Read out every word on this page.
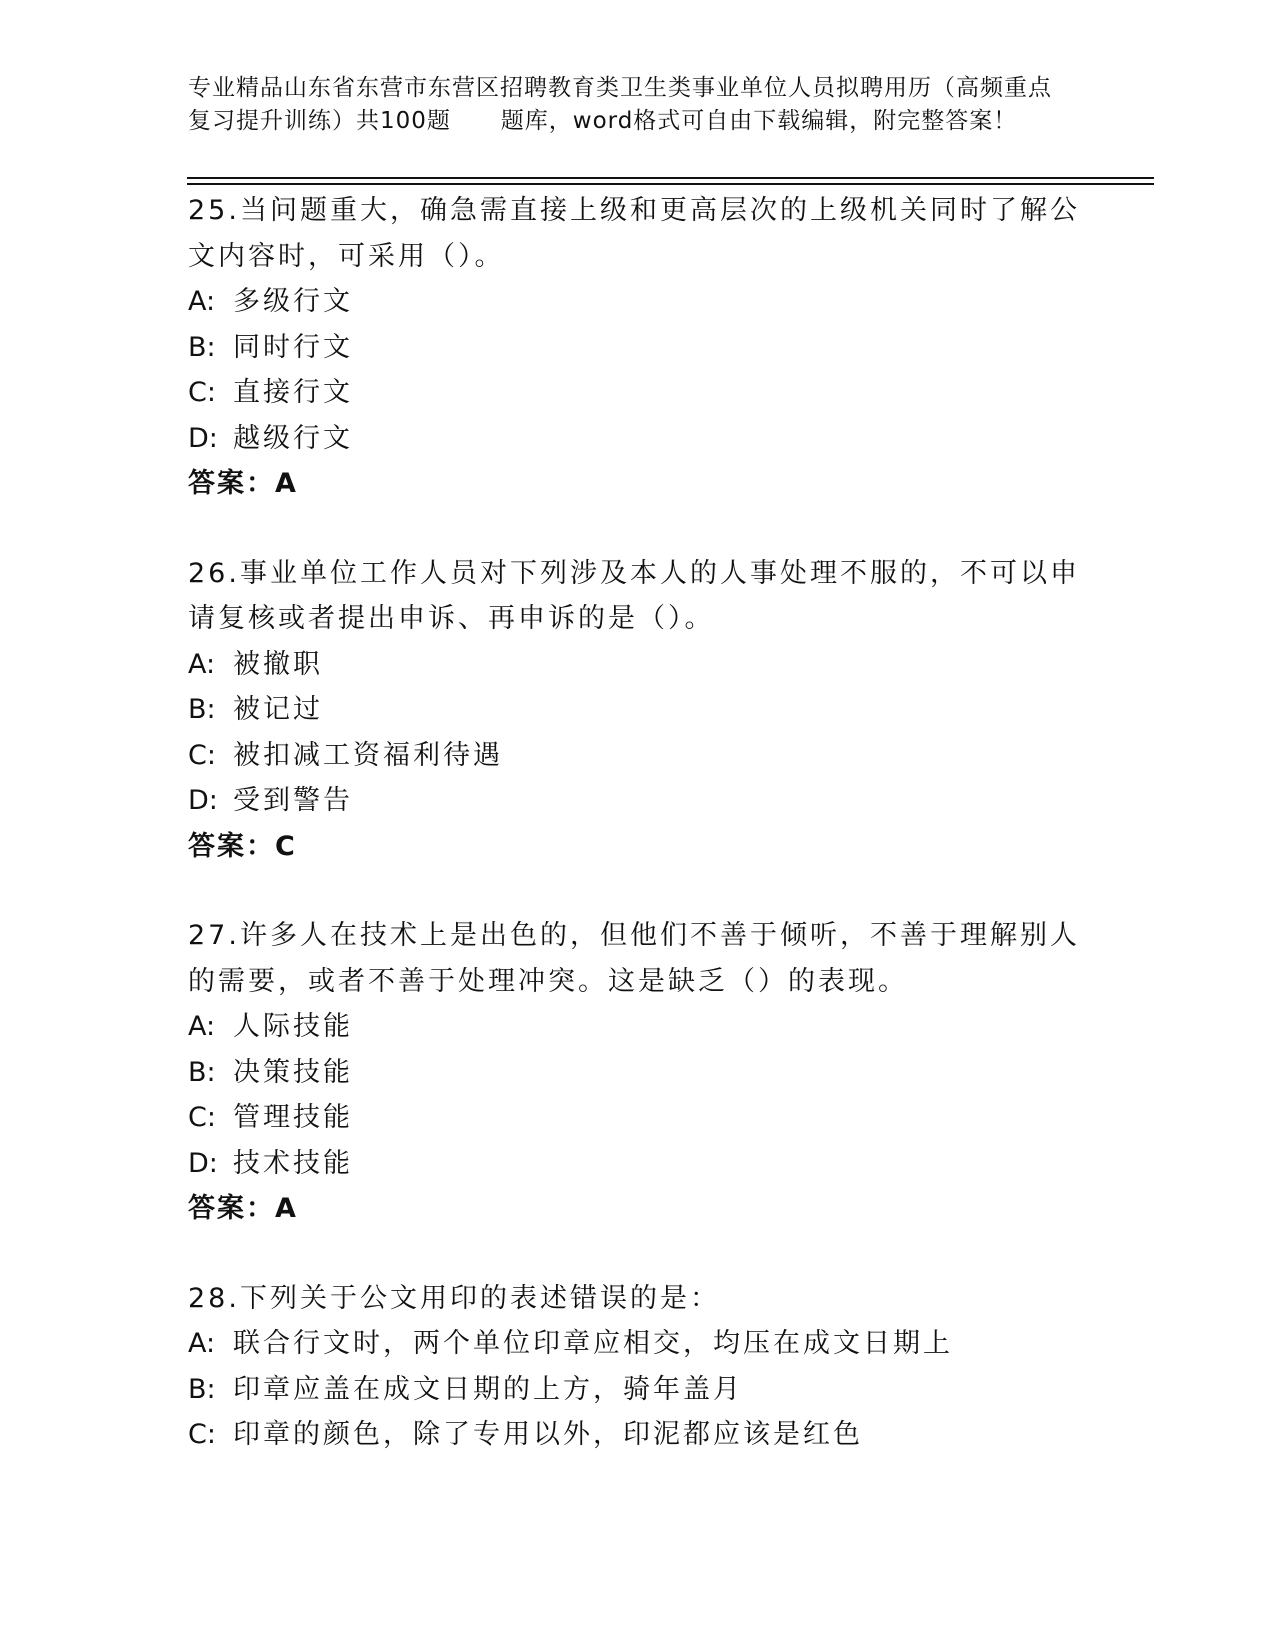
专业精品山东省东营市东营区招聘教育类卫生类事业单位人员拟聘用历（高频重点
复习提升训练）共100题      题库，word格式可自由下载编辑，附完整答案！

25.当问题重大，确急需直接上级和更高层次的上级机关同时了解公文内容时，可采用（）。

A: 多级行文

B: 同时行文

C: 直接行文

D: 越级行文

答案：A

26.事业单位工作人员对下列涉及本人的人事处理不服的，不可以申请复核或者提出申诉、再申诉的是（）。

A: 被撤职

B: 被记过

C: 被扣减工资福利待遇

D: 受到警告

答案：C

27.许多人在技术上是出色的，但他们不善于倾听，不善于理解别人的需要，或者不善于处理冲突。这是缺乏（）的表现。

A: 人际技能

B: 决策技能

C: 管理技能

D: 技术技能

答案：A

28.下列关于公文用印的表述错误的是：

A: 联合行文时，两个单位印章应相交，均压在成文日期上

B: 印章应盖在成文日期的上方，骑年盖月

C: 印章的颜色，除了专用以外，印泥都应该是红色
